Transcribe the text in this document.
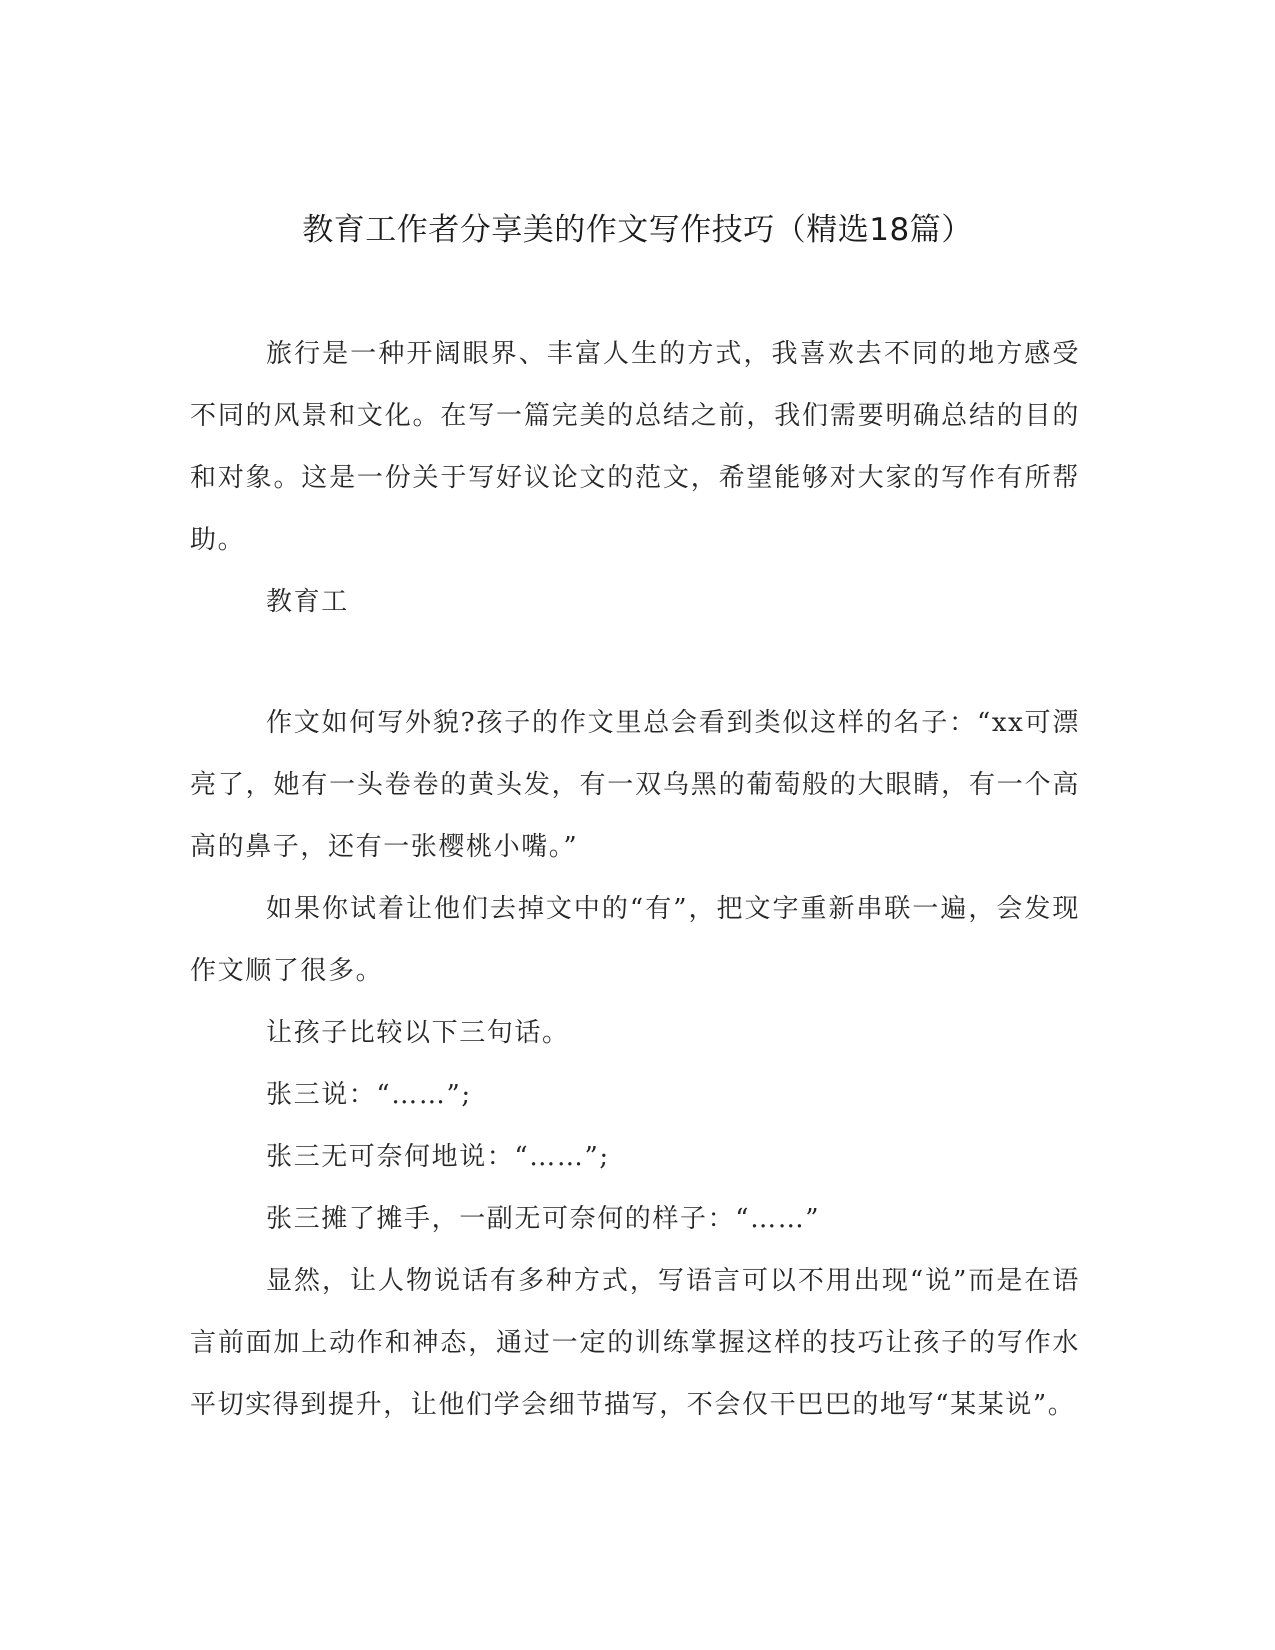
教育工作者分享美的作文写作技巧（精选18篇）

旅行是一种开阔眼界、丰富人生的方式，我喜欢去不同的地方感受不同的风景和文化。在写一篇完美的总结之前，我们需要明确总结的目的和对象。这是一份关于写好议论文的范文，希望能够对大家的写作有所帮助。

教育工

作文如何写外貌?孩子的作文里总会看到类似这样的名子：“xx可漂亮了，她有一头卷卷的黄头发，有一双乌黑的葡萄般的大眼睛，有一个高高的鼻子，还有一张樱桃小嘴。”

如果你试着让他们去掉文中的“有”，把文字重新串联一遍，会发现作文顺了很多。

让孩子比较以下三句话。

张三说：“……”;

张三无可奈何地说：“……”;

张三摊了摊手，一副无可奈何的样子：“……”

显然，让人物说话有多种方式，写语言可以不用出现“说”而是在语言前面加上动作和神态，通过一定的训练掌握这样的技巧让孩子的写作水平切实得到提升，让他们学会细节描写，不会仅干巴巴的地写“某某说”。
